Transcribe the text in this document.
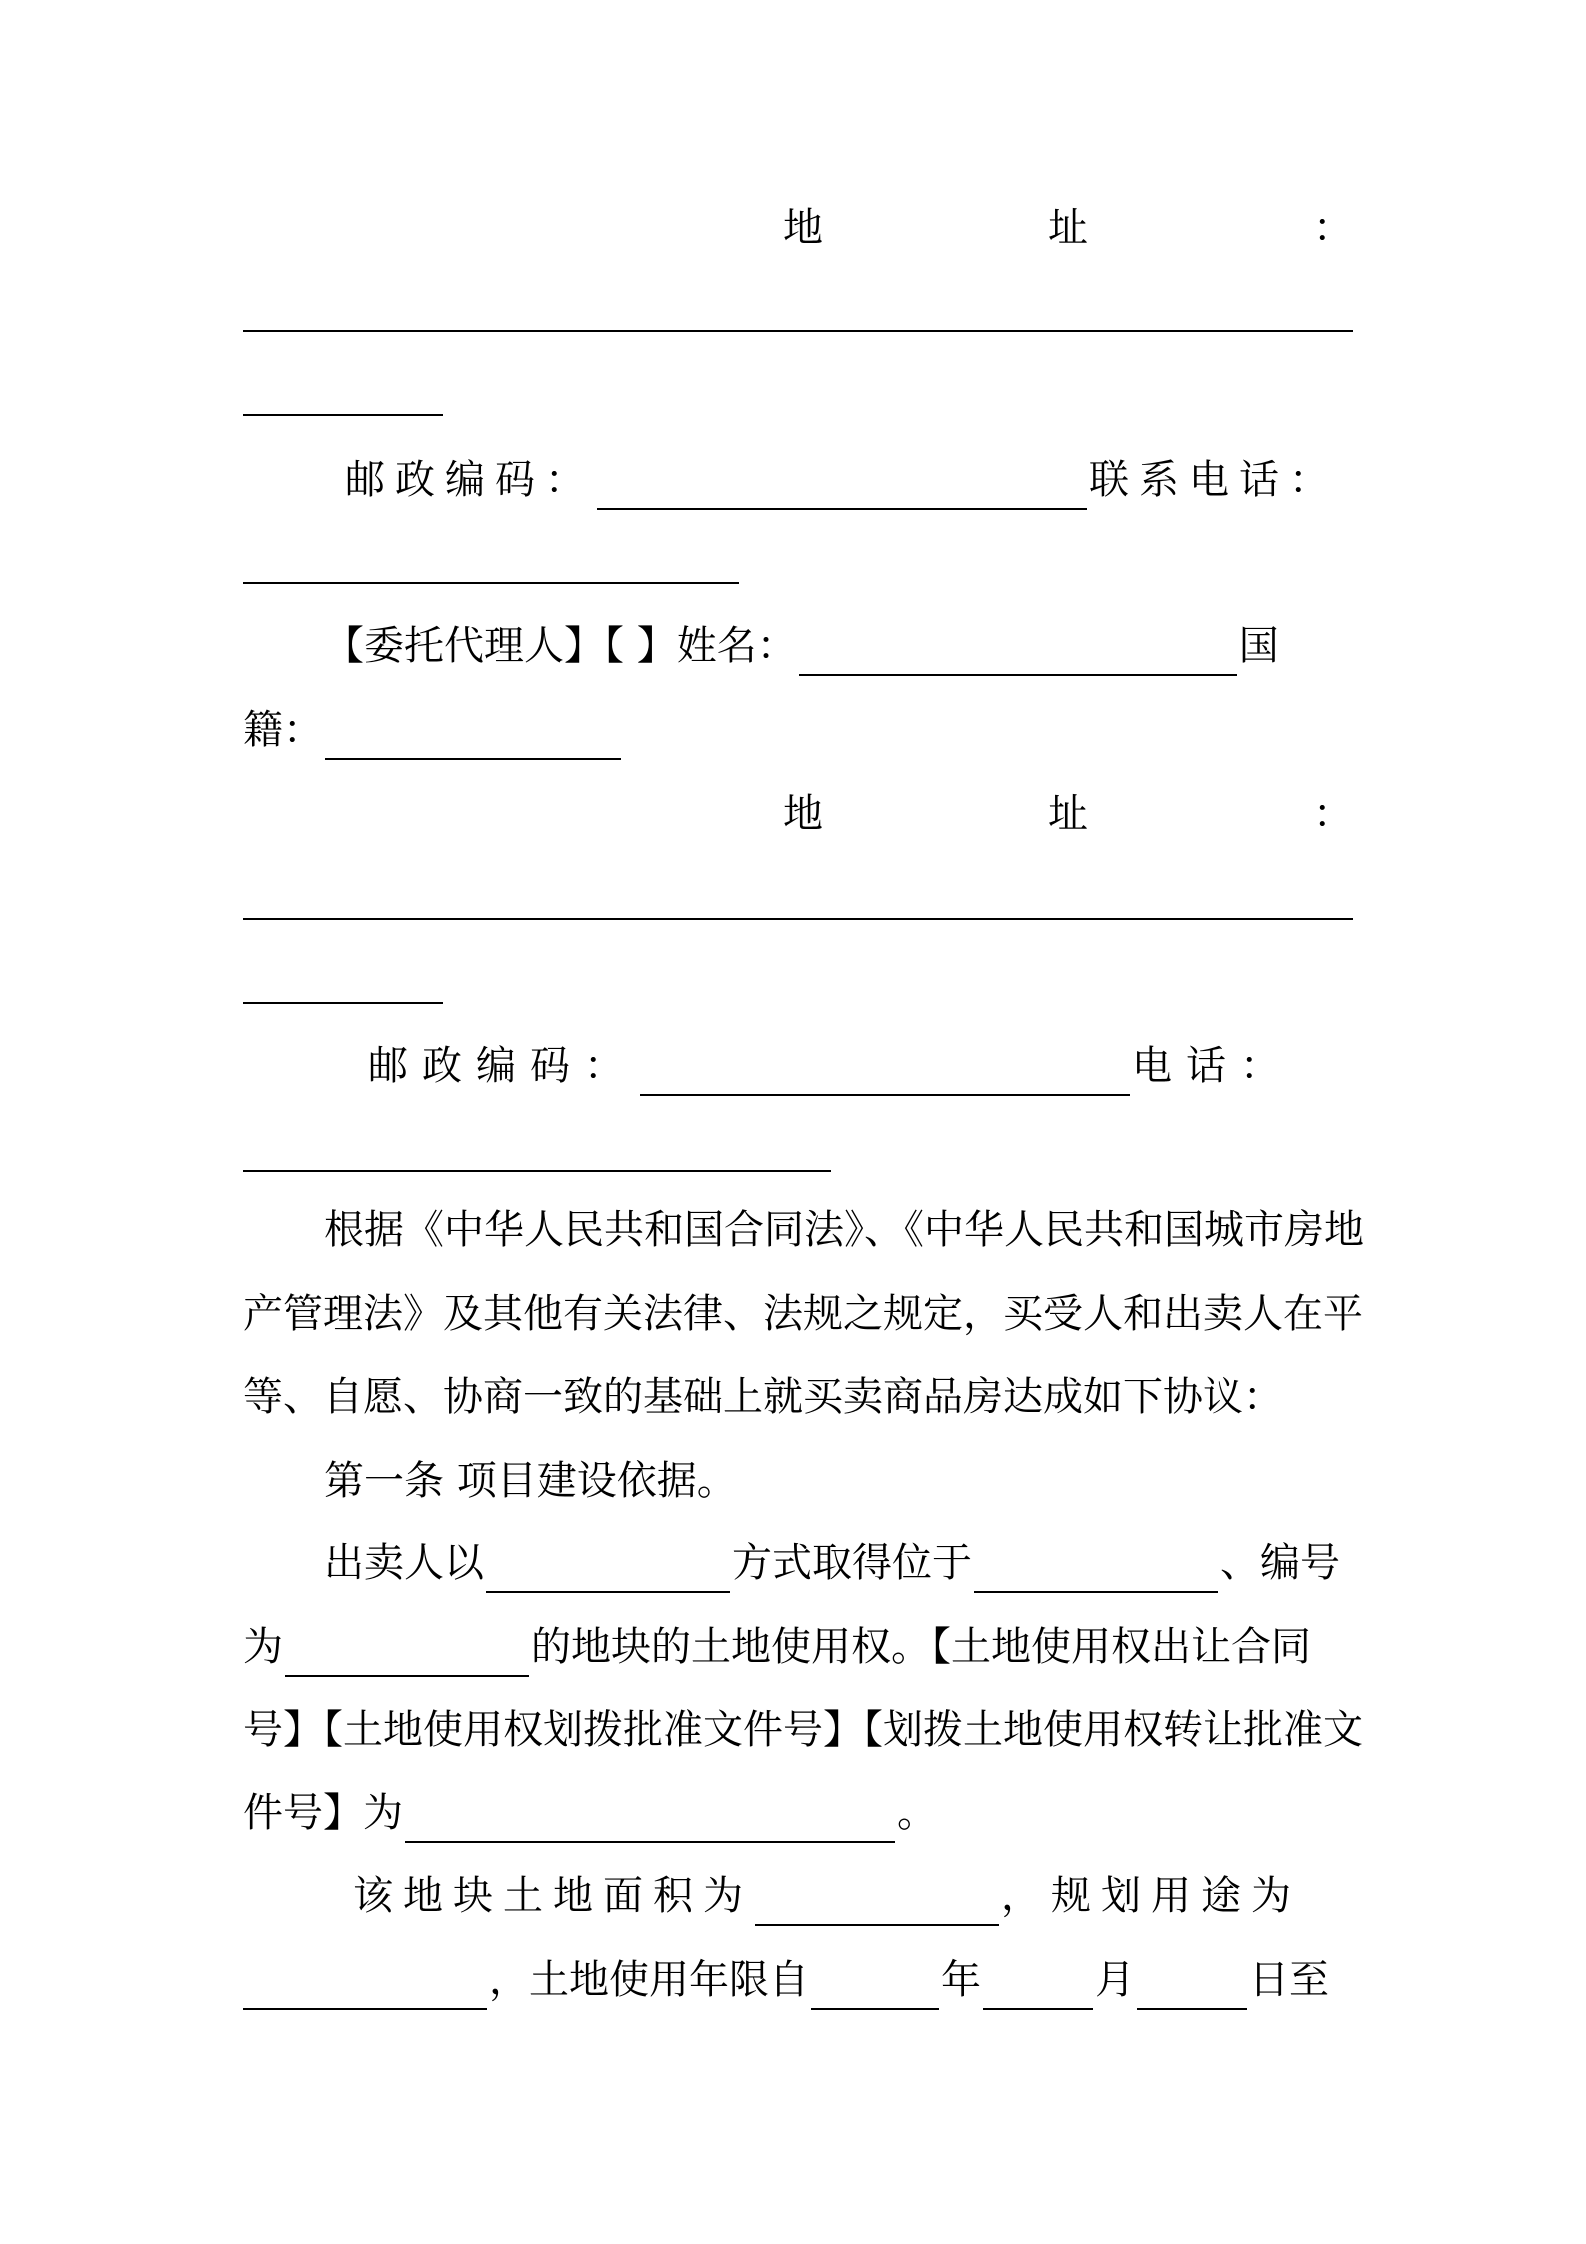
地	址	：
邮政编码：	联系电话：
【委托代理人】【 】姓名：	国
籍：
地	址	：
邮政编码：	电话：
根据《中华人民共和国合同法》、《中华人民共和国城市房地
产管理法》及其他有关法律、法规之规定，买受人和出卖人在平
等、自愿、协商一致的基础上就买卖商品房达成如下协议：
第一条 项目建设依据。
出卖人以	方式取得位于	、编号
为	的地块的土地使用权。【土地使用权出让合同
号】【土地使用权划拨批准文件号】【划拨土地使用权转让批准文
件号】为	。
该地块土地面积为	，规划用途为
，土地使用年限自	年	月	日至
